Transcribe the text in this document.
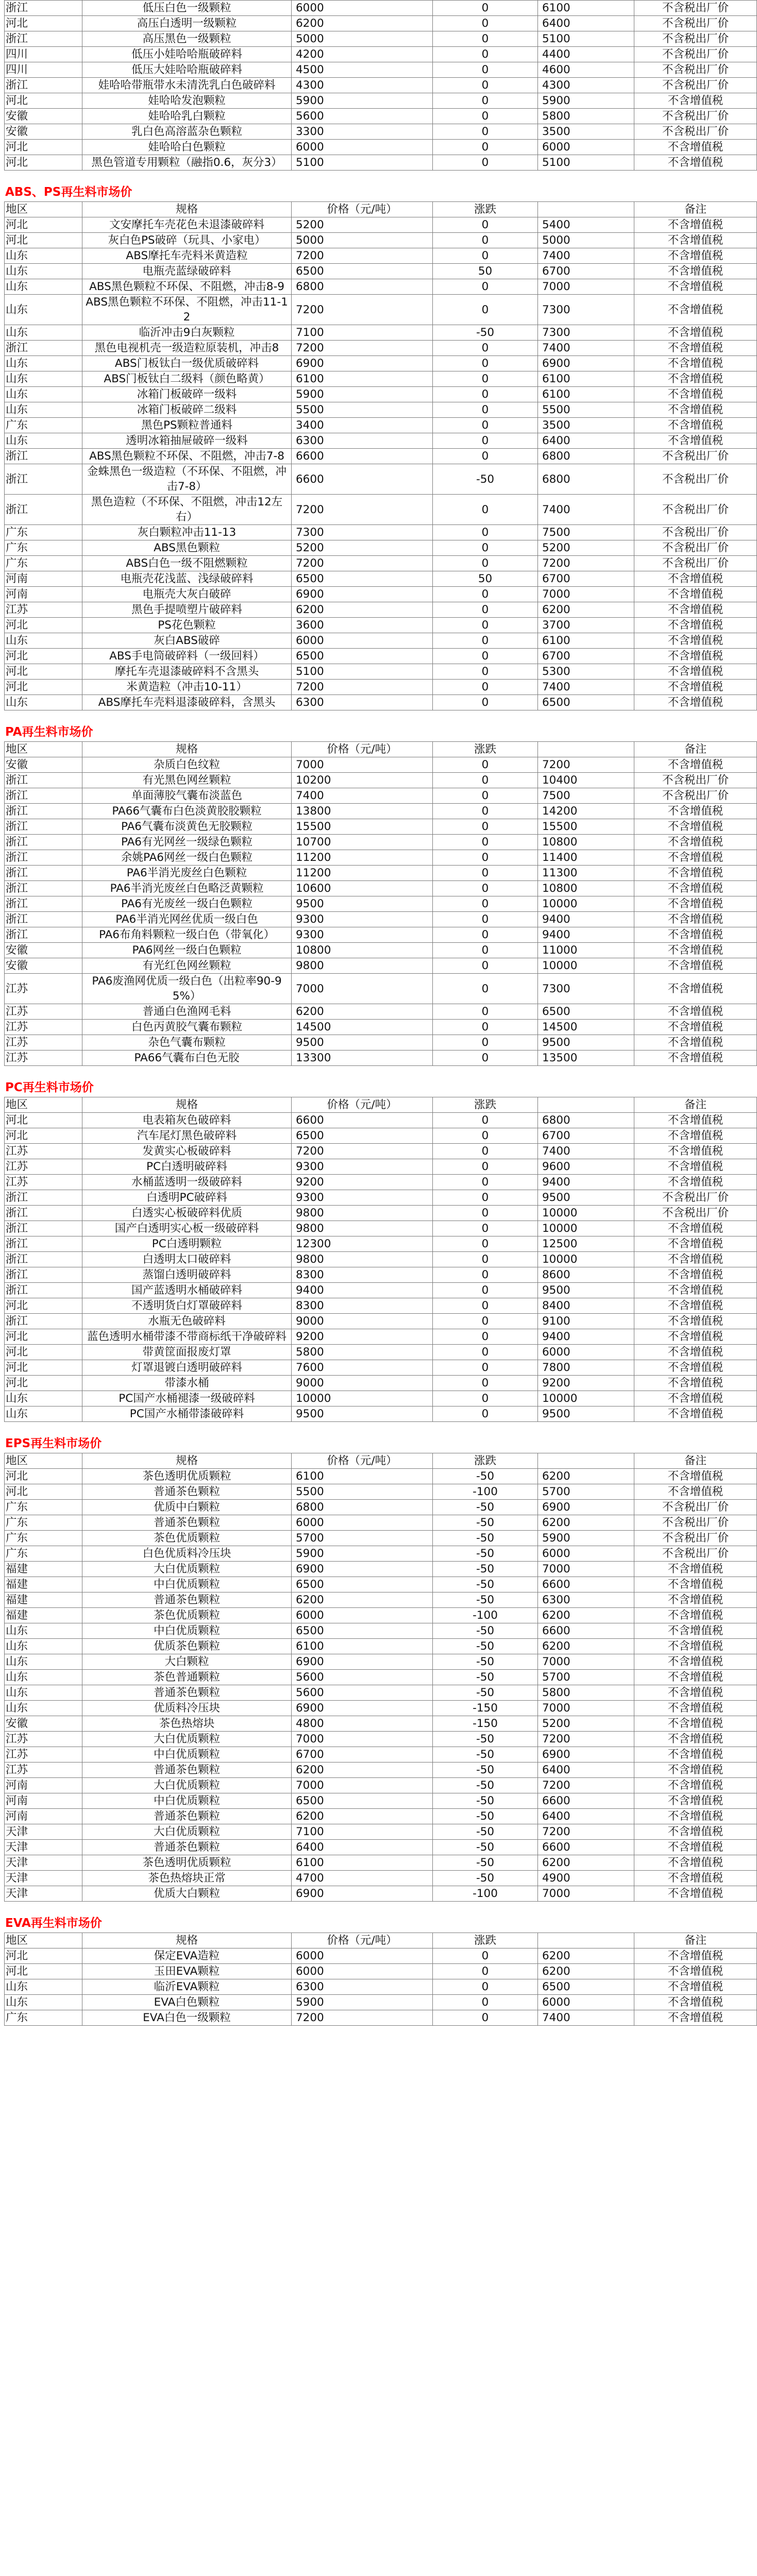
浙江	低压白色一级颗粒	6000	0	6100	不含税出厂价
河北	高压白透明一级颗粒	6200	0	6400	不含税出厂价
浙江	高压黑色一级颗粒	5000	0	5100	不含税出厂价
四川	低压小娃哈哈瓶破碎料	4200	0	4400	不含税出厂价
四川	低压大娃哈哈瓶破碎料	4500	0	4600	不含税出厂价
浙江	娃哈哈带瓶带水未清洗乳白色破碎料	4300	0	4300	不含税出厂价
河北	娃哈哈发泡颗粒	5900	0	5900	不含增值税
安徽	娃哈哈乳白颗粒	5600	0	5800	不含税出厂价
安徽	乳白色高溶蓝杂色颗粒	3300	0	3500	不含税出厂价
河北	娃哈哈白色颗粒	6000	0	6000	不含增值税
河北	黑色管道专用颗粒（融指0.6，灰分3）	5100	0	5100	不含增值税
ABS、PS再生料市场价
地区	规格	价格（元/吨）	涨跌		备注
河北	文安摩托车壳花色未退漆破碎料	5200	0	5400	不含增值税
河北	灰白色PS破碎（玩具、小家电）	5000	0	5000	不含增值税
山东	ABS摩托车壳料米黄造粒	7200	0	7400	不含增值税
山东	电瓶壳蓝绿破碎料	6500	50	6700	不含增值税
山东	ABS黑色颗粒不环保、不阻燃，冲击8-9	6800	0	7000	不含增值税
山东	ABS黑色颗粒不环保、不阻燃，冲击11-12	7200	0	7300	不含增值税
山东	临沂冲击9白灰颗粒	7100	-50	7300	不含增值税
浙江	黑色电视机壳一级造粒原装机，冲击8	7200	0	7400	不含增值税
山东	ABS门板钛白一级优质破碎料	6900	0	6900	不含增值税
山东	ABS门板钛白二级料（颜色略黄）	6100	0	6100	不含增值税
山东	冰箱门板破碎一级料	5900	0	6100	不含增值税
山东	冰箱门板破碎二级料	5500	0	5500	不含增值税
广东	黑色PS颗粒普通料	3400	0	3500	不含增值税
山东	透明冰箱抽屉破碎一级料	6300	0	6400	不含增值税
浙江	ABS黑色颗粒不环保、不阻燃，冲击7-8	6600	0	6800	不含税出厂价
浙江	金蛛黑色一级造粒（不环保、不阻燃，冲击7-8）	6600	-50	6800	不含税出厂价
浙江	黑色造粒（不环保、不阻燃，冲击12左右）	7200	0	7400	不含税出厂价
广东	灰白颗粒冲击11-13	7300	0	7500	不含税出厂价
广东	ABS黑色颗粒	5200	0	5200	不含税出厂价
广东	ABS白色一级不阻燃颗粒	7200	0	7200	不含税出厂价
河南	电瓶壳花浅蓝、浅绿破碎料	6500	50	6700	不含增值税
河南	电瓶壳大灰白破碎	6900	0	7000	不含增值税
江苏	黑色手提喷塑片破碎料	6200	0	6200	不含增值税
河北	PS花色颗粒	3600	0	3700	不含增值税
山东	灰白ABS破碎	6000	0	6100	不含增值税
河北	ABS手电筒破碎料（一级回料）	6500	0	6700	不含增值税
河北	摩托车壳退漆破碎料不含黑头	5100	0	5300	不含增值税
河北	米黄造粒（冲击10-11）	7200	0	7400	不含增值税
山东	ABS摩托车壳料退漆破碎料，含黑头	6300	0	6500	不含增值税
PA再生料市场价
地区	规格	价格（元/吨）	涨跌		备注
安徽	杂质白色纹粒	7000	0	7200	不含增值税
浙江	有光黑色网丝颗粒	10200	0	10400	不含税出厂价
浙江	单面薄胶气囊布淡蓝色	7400	0	7500	不含税出厂价
浙江	PA66气囊布白色淡黄胶胶颗粒	13800	0	14200	不含增值税
浙江	PA6气囊布淡黄色无胶颗粒	15500	0	15500	不含增值税
浙江	PA6有光网丝一级绿色颗粒	10700	0	10800	不含增值税
浙江	余姚PA6网丝一级白色颗粒	11200	0	11400	不含增值税
浙江	PA6半消光废丝白色颗粒	11200	0	11300	不含增值税
浙江	PA6半消光废丝白色略泛黄颗粒	10600	0	10800	不含增值税
浙江	PA6有光废丝一级白色颗粒	9500	0	10000	不含增值税
浙江	PA6半消光网丝优质一级白色	9300	0	9400	不含增值税
浙江	PA6布角料颗粒一级白色（带氧化）	9300	0	9400	不含增值税
安徽	PA6网丝一级白色颗粒	10800	0	11000	不含增值税
安徽	有光红色网丝颗粒	9800	0	10000	不含增值税
江苏	PA6废渔网优质一级白色（出粒率90-95%）	7000	0	7300	不含增值税
江苏	普通白色渔网毛料	6200	0	6500	不含增值税
江苏	白色丙黄胶气囊布颗粒	14500	0	14500	不含增值税
江苏	杂色气囊布颗粒	9500	0	9500	不含增值税
江苏	PA66气囊布白色无胶	13300	0	13500	不含增值税
PC再生料市场价
地区	规格	价格（元/吨）	涨跌		备注
河北	电表箱灰色破碎料	6600	0	6800	不含增值税
河北	汽车尾灯黑色破碎料	6500	0	6700	不含增值税
江苏	发黄实心板破碎料	7200	0	7400	不含增值税
江苏	PC白透明破碎料	9300	0	9600	不含增值税
江苏	水桶蓝透明一级破碎料	9200	0	9400	不含增值税
浙江	白透明PC破碎料	9300	0	9500	不含税出厂价
浙江	白透实心板破碎料优质	9800	0	10000	不含税出厂价
浙江	国产白透明实心板一级破碎料	9800	0	10000	不含增值税
浙江	PC白透明颗粒	12300	0	12500	不含增值税
浙江	白透明太口破碎料	9800	0	10000	不含增值税
浙江	蒸馏白透明破碎料	8300	0	8600	不含增值税
浙江	国产蓝透明水桶破碎料	9400	0	9500	不含增值税
河北	不透明货白灯罩破碎料	8300	0	8400	不含增值税
浙江	水瓶无色破碎料	9000	0	9100	不含增值税
河北	蓝色透明水桶带漆不带商标纸干净破碎料	9200	0	9400	不含增值税
河北	带黄筐面报废灯罩	5800	0	6000	不含增值税
河北	灯罩退镀白透明破碎料	7600	0	7800	不含增值税
河北	带漆水桶	9000	0	9200	不含增值税
山东	PC国产水桶褪漆一级破碎料	10000	0	10000	不含增值税
山东	PC国产水桶带漆破碎料	9500	0	9500	不含增值税
EPS再生料市场价
地区	规格	价格（元/吨）	涨跌		备注
河北	茶色透明优质颗粒	6100	-50	6200	不含增值税
河北	普通茶色颗粒	5500	-100	5700	不含增值税
广东	优质中白颗粒	6800	-50	6900	不含税出厂价
广东	普通茶色颗粒	6000	-50	6200	不含税出厂价
广东	茶色优质颗粒	5700	-50	5900	不含税出厂价
广东	白色优质料冷压块	5900	-50	6000	不含税出厂价
福建	大白优质颗粒	6900	-50	7000	不含增值税
福建	中白优质颗粒	6500	-50	6600	不含增值税
福建	普通茶色颗粒	6200	-50	6300	不含增值税
福建	茶色优质颗粒	6000	-100	6200	不含增值税
山东	中白优质颗粒	6500	-50	6600	不含增值税
山东	优质茶色颗粒	6100	-50	6200	不含增值税
山东	大白颗粒	6900	-50	7000	不含增值税
山东	茶色普通颗粒	5600	-50	5700	不含增值税
山东	普通茶色颗粒	5600	-50	5800	不含增值税
山东	优质料冷压块	6900	-150	7000	不含增值税
安徽	茶色热熔块	4800	-150	5200	不含增值税
江苏	大白优质颗粒	7000	-50	7200	不含增值税
江苏	中白优质颗粒	6700	-50	6900	不含增值税
江苏	普通茶色颗粒	6200	-50	6400	不含增值税
河南	大白优质颗粒	7000	-50	7200	不含增值税
河南	中白优质颗粒	6500	-50	6600	不含增值税
河南	普通茶色颗粒	6200	-50	6400	不含增值税
天津	大白优质颗粒	7100	-50	7200	不含增值税
天津	普通茶色颗粒	6400	-50	6600	不含增值税
天津	茶色透明优质颗粒	6100	-50	6200	不含增值税
天津	茶色热熔块正常	4700	-50	4900	不含增值税
天津	优质大白颗粒	6900	-100	7000	不含增值税
EVA再生料市场价
地区	规格	价格（元/吨）	涨跌		备注
河北	保定EVA造粒	6000	0	6200	不含增值税
河北	玉田EVA颗粒	6000	0	6200	不含增值税
山东	临沂EVA颗粒	6300	0	6500	不含增值税
山东	EVA白色颗粒	5900	0	6000	不含增值税
广东	EVA白色一级颗粒	7200	0	7400	不含增值税
